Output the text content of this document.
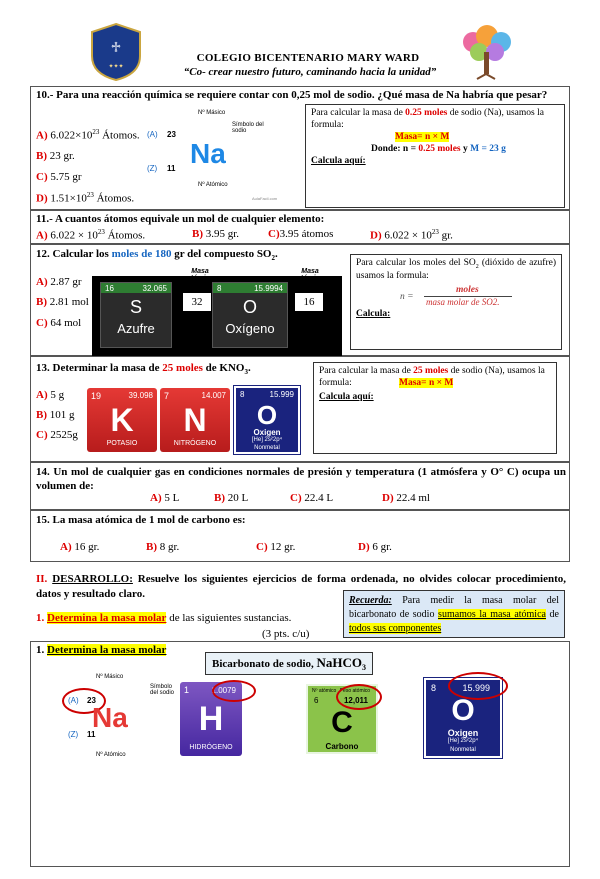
♱
✦✦✦
COLEGIO BICENTENARIO MARY WARD
“Co- crear nuestro futuro, caminando hacia la unidad”
10.- Para una reacción química se requiere contar con 0,25 mol de sodio. ¿Qué masa de Na habría que pesar?
A) $6.022\times 10^{23}$ Átomos.
B) 23 gr.
C) 5.75 gr
D) $1.51\times 10^{23}$ Átomos.
Nº Másico
(A) 23
Símbolo del sodio
Na
(Z) 11
Nº Atómico
AulaFacil.com
Para calcular la masa de 0.25 moles de sodio (Na), usamos la formula:
Masa= n × M
Donde: n = 0.25 moles y M = 23 g
Calcula aquí:
11.- A cuantos átomos equivale un mol de cualquier elemento:
A) $6.022 \times 10^{23}$ Átomos.	B) 3.95 gr.	C)3.95 átomos	D) $6.022 \times 10^{23}$ gr.
12. Calcular los moles de 180 gr del compuesto $SO_2$.
A) 2.87 gr
B) 2.81 mol
C) 64 mol
Masa atómica
Masa atómica
16	32.065
S
Azufre
32
8	15.9994
O
Oxígeno
16
Para calcular los moles del $SO_2$ (dióxido de azufre) usamos la formula:
n =
moles
masa molar de SO2.
Calcula:
13. Determinar la masa de 25 moles de $KNO_3$.
A) 5 g
B) 101 g
C) 2525g
19	39.098
K
POTASIO
7	14.007
N
NITRÓGENO
8	15.999
O
Oxigen
[He] 2s²2p⁴
Nonmetal
Para calcular la masa de 25 moles de sodio (Na), usamos la formula:	Masa= n × M
Calcula aquí:
14. Un mol de cualquier gas en condiciones normales de presión y temperatura (1 atmósfera y O° C) ocupa un volumen de:
A) 5 L	B) 20 L	C) 22.4 L	D) 22.4 ml
15. La masa atómica de 1 mol de carbono es:
A) 16 gr.	B) 8 gr.	C) 12 gr.	D) 6 gr.
II. DESARROLLO: Resuelve los siguientes ejercicios de forma ordenada, no olvides colocar procedimiento, datos y resultado claro.
1. Determina la masa molar de las siguientes sustancias.
(3 pts. c/u)
Recuerda: Para medir la masa molar del bicarbonato de sodio sumamos la masa atómica de todos sus componentes
1. Determina la masa molar
Bicarbonato de sodio, NaHCO$_3$
Nº Másico
(A) 23
Símbolo del sodio
Na
(Z) 11
Nº Atómico
1	1.0079
H
HIDRÓGENO
Nº atómico Peso atómico
6	12,011
C
Carbono
8	15.999
O
Oxigen
[He] 2s²2p⁴
Nonmetal
